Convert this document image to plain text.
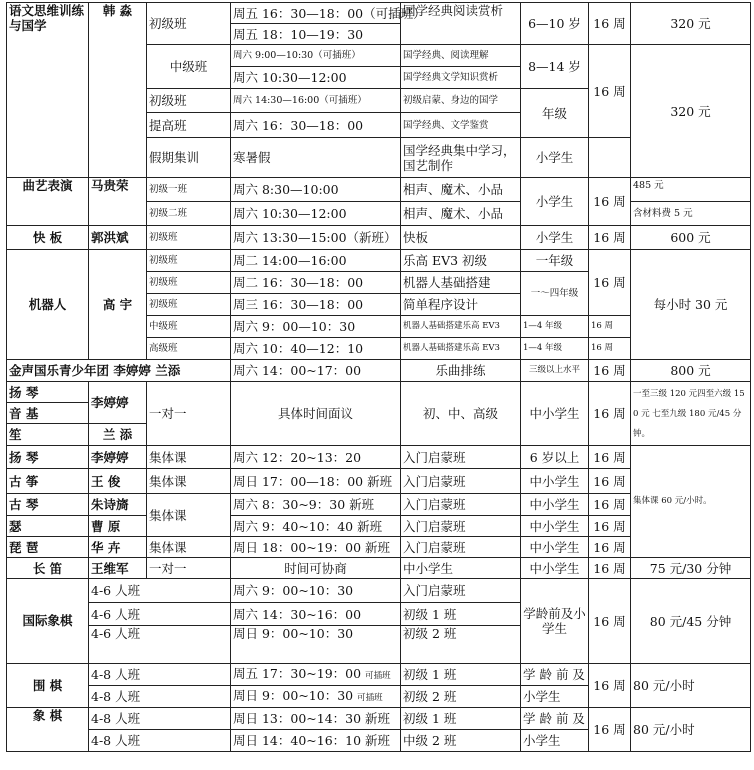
语文思维训练与国学	韩 淼	初级班	周五 16：30—18：00（可插班）	国学经典阅读赏析	6—10 岁	16 周	320 元
			周五 18：10—19：30				
		中级班	周六 9:00—10:30（可插班）	国学经典、阅读理解	8—14 岁	16 周	320 元
			周六 10:30—12:00	国学经典文学知识赏析			
		初级班	周六 14:30—16:00（可插班）	初级启蒙、身边的国学	年级		
		提高班	周六 16：30—18：00	国学经典、文学鉴赏			
		假期集训	寒暑假	国学经典集中学习，国艺制作	小学生		
曲艺表演	马贵荣	初级一班	周六 8:30—10:00	相声、魔术、小品	小学生	16 周	485 元
		初级二班	周六 10:30—12:00	相声、魔术、小品			含材料费 5 元
快 板	郭洪斌	初级班	周六 13:30—15:00（新班）	快板	小学生	16 周	600 元
机器人	高 宇	初级班	周二 14:00—16:00	乐高 EV3 初级	一年级	16 周	每小时 30 元
		初级班	周二 16：30—18：00	机器人基础搭建	一～四年级		
		初级班	周三 16：30—18：00	简单程序设计			
		中级班	周六 9：00—10：30	机器人基础搭建乐高 EV3	1—4 年级	16 周	
		高级班	周六 10：40—12：10	机器人基础搭建乐高 EV3	1—4 年级	16 周	
金声国乐青少年团 李婷婷 兰添			周六 14：00~17：00	乐曲排练	三级以上水平	16 周	800 元
扬 琴	李婷婷	一对一	具体时间面议	初、中、高级	中小学生	16 周	一至三级 120 元四至六级 150 元 七至九级 180 元/45 分钟。
音 基							
笙	兰 添						
扬 琴	李婷婷	集体课	周六 12：20~13：20	入门启蒙班	6 岁以上	16 周	集体课 60 元/小时。
古 筝	王 俊	集体课	周日 17：00—18：00 新班	入门启蒙班	中小学生	16 周	
古 琴	朱诗旖	集体课	周六 8：30~9：30 新班	入门启蒙班	中小学生	16 周	
瑟	曹 原		周六 9：40~10：40 新班	入门启蒙班	中小学生	16 周	
琵 琶	华 卉	集体课	周日 18：00~19：00 新班	入门启蒙班	中小学生	16 周	
长 笛	王维军	一对一	时间可协商	中小学生	中小学生	16 周	75 元/30 分钟
国际象棋	4-6 人班		周六 9：00~10：30	入门启蒙班	学龄前及小学生	16 周	80 元/45 分钟
	4-6 人班		周六 14：30~16：00	初级 1 班			
	4-6 人班		周日 9：00~10：30	初级 2 班			
围 棋	4-8 人班		周五 17：30~19：00 可插班	初级 1 班	学 龄 前 及	16 周	80 元/小时
	4-8 人班		周日 9：00~10：30 可插班	初级 2 班	小学生		
象 棋	4-8 人班		周日 13：00~14：30 新班	初级 1 班	学 龄 前 及	16 周	80 元/小时
	4-8 人班		周日 14：40~16：10 新班	中级 2 班	小学生		
